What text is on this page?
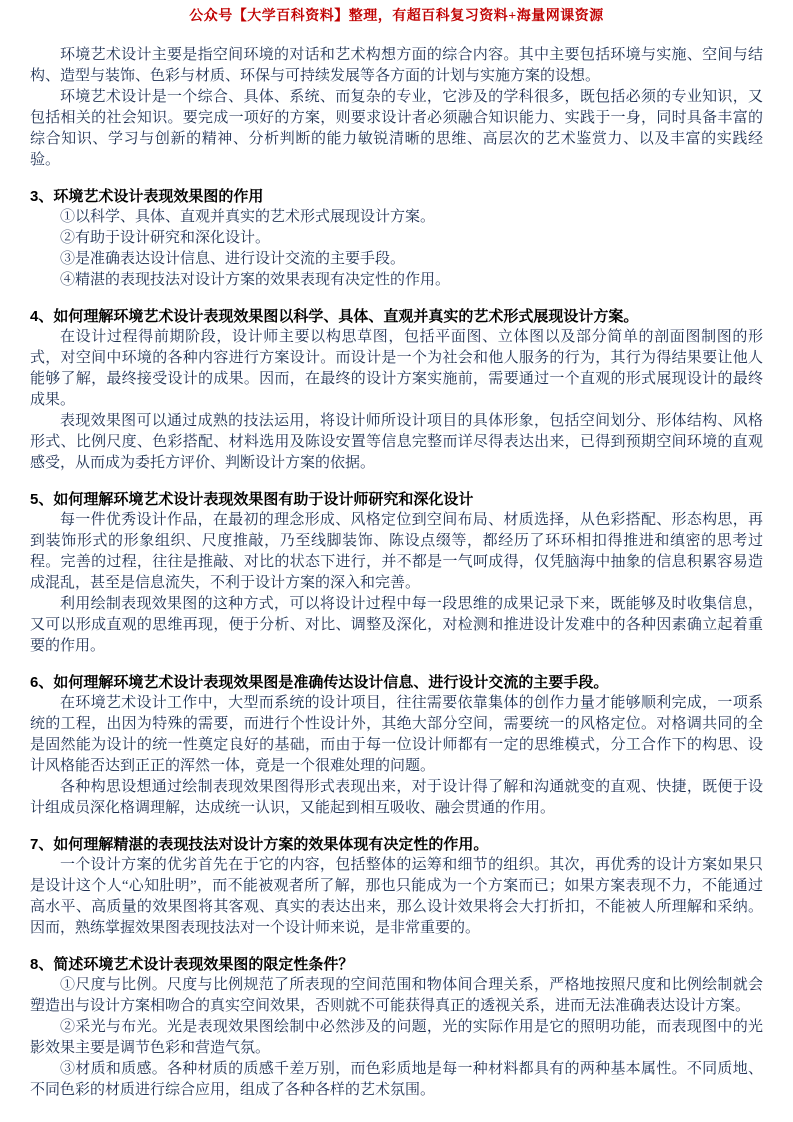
公众号【大学百科资料】整理，有超百科复习资料+海量网课资源

环境艺术设计主要是指空间环境的对话和艺术构想方面的综合内容。其中主要包括环境与实施、空间与结构、造型与装饰、色彩与材质、环保与可持续发展等各方面的计划与实施方案的设想。

环境艺术设计是一个综合、具体、系统、而复杂的专业，它涉及的学科很多，既包括必须的专业知识，又包括相关的社会知识。要完成一项好的方案，则要求设计者必须融合知识能力、实践于一身，同时具备丰富的综合知识、学习与创新的精神、分析判断的能力敏锐清晰的思维、高层次的艺术鉴赏力、以及丰富的实践经验。

3、环境艺术设计表现效果图的作用

①以科学、具体、直观并真实的艺术形式展现设计方案。

②有助于设计研究和深化设计。

③是准确表达设计信息、进行设计交流的主要手段。

④精湛的表现技法对设计方案的效果表现有决定性的作用。

4、如何理解环境艺术设计表现效果图以科学、具体、直观并真实的艺术形式展现设计方案。

在设计过程得前期阶段，设计师主要以构思草图，包括平面图、立体图以及部分简单的剖面图制图的形式，对空间中环境的各种内容进行方案设计。而设计是一个为社会和他人服务的行为，其行为得结果要让他人能够了解，最终接受设计的成果。因而，在最终的设计方案实施前，需要通过一个直观的形式展现设计的最终成果。

表现效果图可以通过成熟的技法运用，将设计师所设计项目的具体形象，包括空间划分、形体结构、风格形式、比例尺度、色彩搭配、材料选用及陈设安置等信息完整而详尽得表达出来，已得到预期空间环境的直观感受，从而成为委托方评价、判断设计方案的依据。

5、如何理解环境艺术设计表现效果图有助于设计师研究和深化设计

每一件优秀设计作品，在最初的理念形成、风格定位到空间布局、材质选择，从色彩搭配、形态构思，再到装饰形式的形象组织、尺度推敲，乃至线脚装饰、陈设点缀等，都经历了环环相扣得推进和缜密的思考过程。完善的过程，往往是推敲、对比的状态下进行，并不都是一气呵成得，仅凭脑海中抽象的信息积累容易造成混乱，甚至是信息流失，不利于设计方案的深入和完善。

利用绘制表现效果图的这种方式，可以将设计过程中每一段思维的成果记录下来，既能够及时收集信息，又可以形成直观的思维再现，便于分析、对比、调整及深化，对检测和推进设计发难中的各种因素确立起着重要的作用。

6、如何理解环境艺术设计表现效果图是准确传达设计信息、进行设计交流的主要手段。

在环境艺术设计工作中，大型而系统的设计项目，往往需要依靠集体的创作力量才能够顺利完成，一项系统的工程，出因为特殊的需要，而进行个性设计外，其绝大部分空间，需要统一的风格定位。对格调共同的全是固然能为设计的统一性奠定良好的基础，而由于每一位设计师都有一定的思维模式，分工合作下的构思、设计风格能否达到正正的浑然一体，竟是一个很难处理的问题。

各种构思设想通过绘制表现效果图得形式表现出来，对于设计得了解和沟通就变的直观、快捷，既便于设计组成员深化格调理解，达成统一认识，又能起到相互吸收、融会贯通的作用。

7、如何理解精湛的表现技法对设计方案的效果体现有决定性的作用。

一个设计方案的优劣首先在于它的内容，包括整体的运筹和细节的组织。其次，再优秀的设计方案如果只是设计这个人“心知肚明”，而不能被观者所了解，那也只能成为一个方案而已；如果方案表现不力，不能通过高水平、高质量的效果图将其客观、真实的表达出来，那么设计效果将会大打折扣，不能被人所理解和采纳。因而，熟练掌握效果图表现技法对一个设计师来说，是非常重要的。

8、简述环境艺术设计表现效果图的限定性条件？

①尺度与比例。尺度与比例规范了所表现的空间范围和物体间合理关系，严格地按照尺度和比例绘制就会塑造出与设计方案相吻合的真实空间效果，否则就不可能获得真正的透视关系，进而无法准确表达设计方案。

②采光与布光。光是表现效果图绘制中必然涉及的问题，光的实际作用是它的照明功能，而表现图中的光影效果主要是调节色彩和营造气氛。

③材质和质感。各种材质的质感千差万别，而色彩质地是每一种材料都具有的两种基本属性。不同质地、不同色彩的材质进行综合应用，组成了各种各样的艺术氛围。
